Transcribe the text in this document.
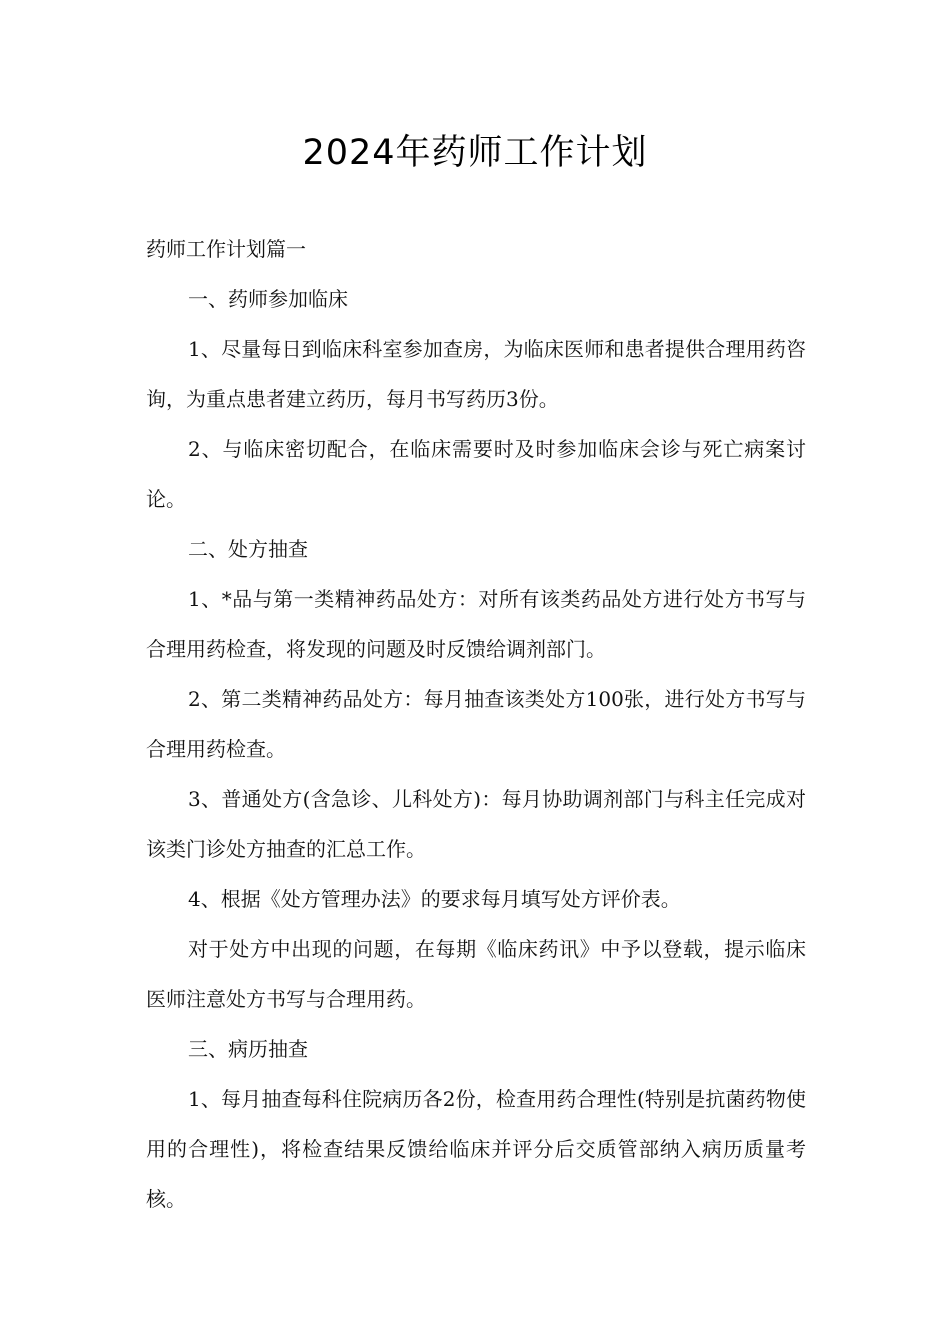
2024年药师工作计划

药师工作计划篇一

一、药师参加临床

1、尽量每日到临床科室参加查房，为临床医师和患者提供合理用药咨询，为重点患者建立药历，每月书写药历3份。

2、与临床密切配合，在临床需要时及时参加临床会诊与死亡病案讨论。

二、处方抽查

1、*品与第一类精神药品处方：对所有该类药品处方进行处方书写与合理用药检查，将发现的问题及时反馈给调剂部门。

2、第二类精神药品处方：每月抽查该类处方100张，进行处方书写与合理用药检查。

3、普通处方(含急诊、儿科处方)：每月协助调剂部门与科主任完成对该类门诊处方抽查的汇总工作。

4、根据《处方管理办法》的要求每月填写处方评价表。

对于处方中出现的问题，在每期《临床药讯》中予以登载，提示临床医师注意处方书写与合理用药。

三、病历抽查

1、每月抽查每科住院病历各2份，检查用药合理性(特别是抗菌药物使用的合理性)，将检查结果反馈给临床并评分后交质管部纳入病历质量考核。
